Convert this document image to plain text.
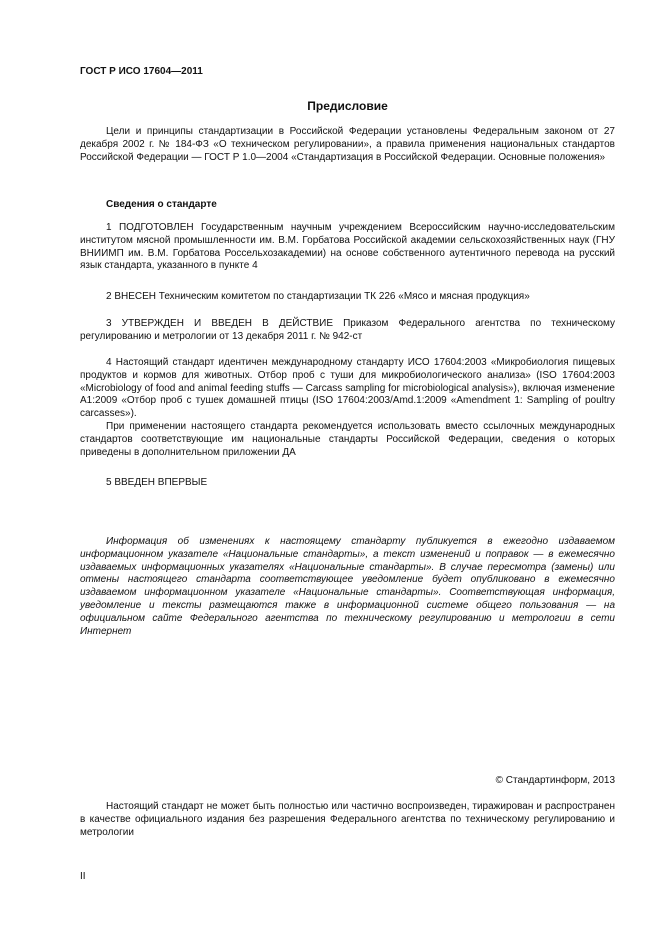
ГОСТ Р ИСО 17604—2011

Предисловие

Цели и принципы стандартизации в Российской Федерации установлены Федеральным законом от 27 декабря 2002 г. № 184-ФЗ «О техническом регулировании», а правила применения национальных стандартов Российской Федерации — ГОСТ Р 1.0—2004 «Стандартизация в Российской Федерации. Основные положения»

Сведения о стандарте

1 ПОДГОТОВЛЕН Государственным научным учреждением Всероссийским научно-исследовательским институтом мясной промышленности им. В.М. Горбатова Российской академии сельскохозяйственных наук (ГНУ ВНИИМП им. В.М. Горбатова Россельхозакадемии) на основе собственного аутентичного перевода на русский язык стандарта, указанного в пункте 4

2 ВНЕСЕН Техническим комитетом по стандартизации ТК 226 «Мясо и мясная продукция»

3 УТВЕРЖДЕН И ВВЕДЕН В ДЕЙСТВИЕ Приказом Федерального агентства по техническому регулированию и метрологии от 13 декабря 2011 г. № 942-ст

4 Настоящий стандарт идентичен международному стандарту ИСО 17604:2003 «Микробиология пищевых продуктов и кормов для животных. Отбор проб с туши для микробиологического анализа» (ISO 17604:2003 «Microbiology of food and animal feeding stuffs — Carcass sampling for microbiological analysis»), включая изменение A1:2009 «Отбор проб с тушек домашней птицы (ISO 17604:2003/Amd.1:2009 «Amendment 1: Sampling of poultry carcasses»).

При применении настоящего стандарта рекомендуется использовать вместо ссылочных международных стандартов соответствующие им национальные стандарты Российской Федерации, сведения о которых приведены в дополнительном приложении ДА

5 ВВЕДЕН ВПЕРВЫЕ

Информация об изменениях к настоящему стандарту публикуется в ежегодно издаваемом информационном указателе «Национальные стандарты», а текст изменений и поправок — в ежемесячно издаваемых информационных указателях «Национальные стандарты». В случае пересмотра (замены) или отмены настоящего стандарта соответствующее уведомление будет опубликовано в ежемесячно издаваемом информационном указателе «Национальные стандарты». Соответствующая информация, уведомление и тексты размещаются также в информационной системе общего пользования — на официальном сайте Федерального агентства по техническому регулированию и метрологии в сети Интернет

© Стандартинформ, 2013

Настоящий стандарт не может быть полностью или частично воспроизведен, тиражирован и распространен в качестве официального издания без разрешения Федерального агентства по техническому регулированию и метрологии

II
